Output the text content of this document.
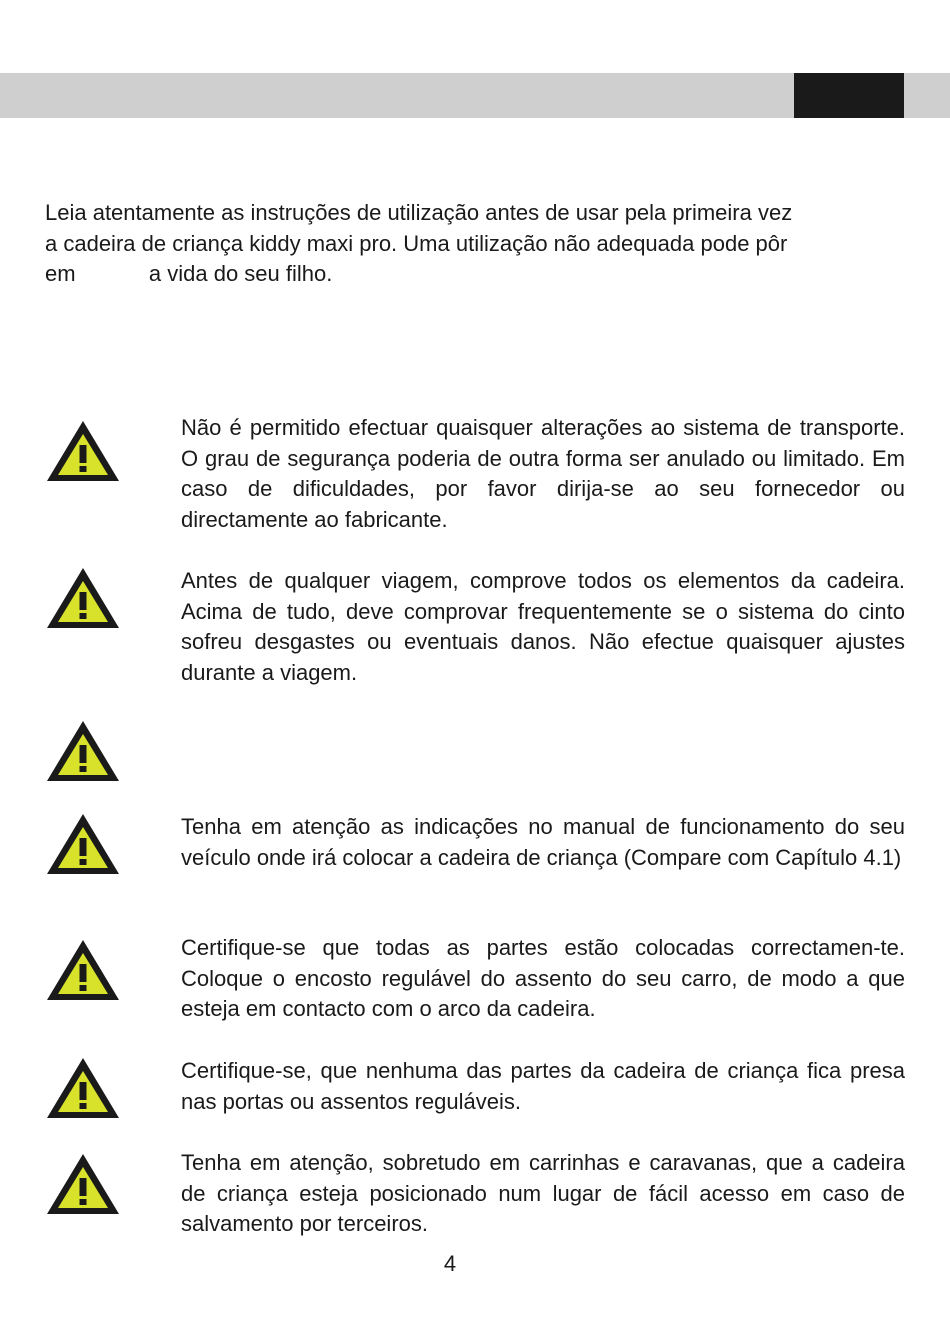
Leia atentamente as instruções de utilização antes de usar pela primeira vez
a cadeira de criança kiddy maxi pro. Uma utilização não adequada pode pôr
em            a vida do seu filho.

Não é permitido efectuar quaisquer alterações ao sistema de transporte. O grau de segurança poderia de outra forma ser anulado ou limitado. Em caso de dificuldades, por favor dirija-se ao seu fornecedor ou directamente ao fabricante.

Antes de qualquer viagem, comprove todos os elementos da cadeira. Acima de tudo, deve comprovar frequentemente se o sistema do cinto sofreu desgastes ou eventuais danos. Não efectue quaisquer ajustes durante a viagem.

Tenha em atenção as indicações no manual de funcionamento do seu veículo onde irá colocar a cadeira de criança (Compare com Capítulo 4.1)

Certifique-se que todas as partes estão colocadas correctamen-te. Coloque o encosto regulável do assento do seu carro, de modo a que esteja em contacto com o arco da cadeira.

Certifique-se, que nenhuma das partes da cadeira de criança fica presa nas portas ou assentos reguláveis.

Tenha em atenção, sobretudo em carrinhas e caravanas, que a cadeira de criança esteja posicionado num lugar de fácil acesso em caso de salvamento por terceiros.

4
